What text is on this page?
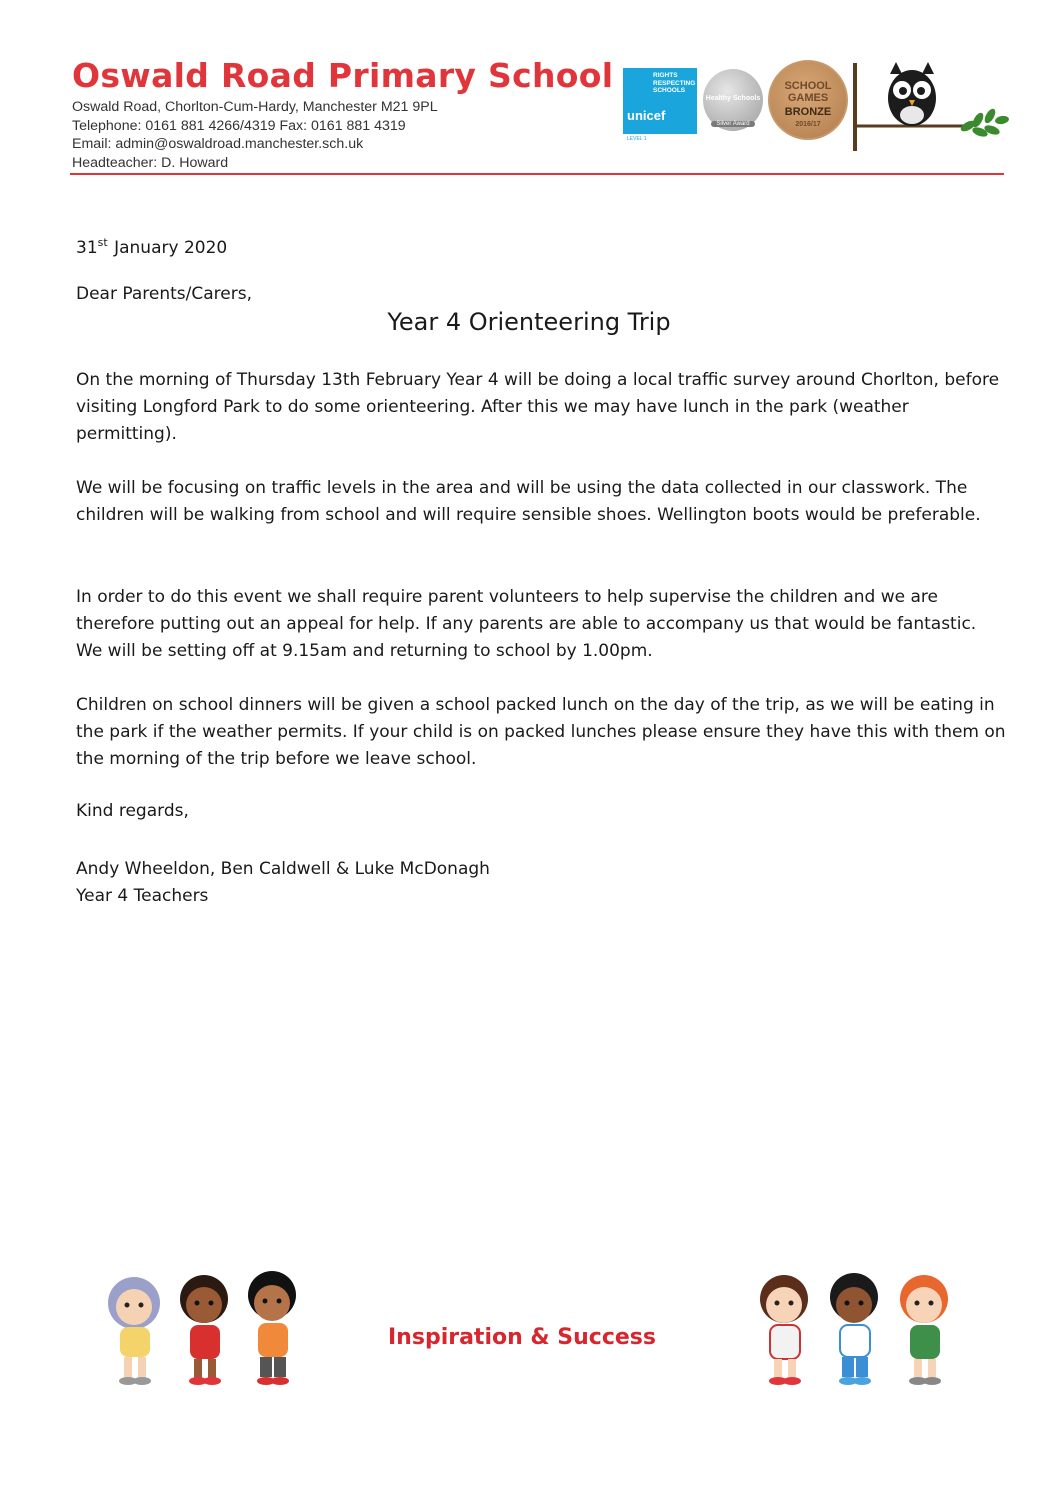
Oswald Road Primary School
Oswald Road, Chorlton-Cum-Hardy, Manchester M21 9PL
Telephone: 0161 881 4266/4319 Fax: 0161 881 4319
Email: admin@oswaldroad.manchester.sch.uk
Headteacher: D. Howard
RIGHTS RESPECTING SCHOOLS
unicef
LEVEL 1
Healthy Schools
Silver Award
SCHOOL GAMES
BRONZE
2016/17
31st January 2020
Dear Parents/Carers,
Year 4 Orienteering Trip

On the morning of Thursday 13th February Year 4 will be doing a local traffic survey around Chorlton, before visiting Longford Park to do some orienteering. After this we may have lunch in the park (weather permitting).

We will be focusing on traffic levels in the area and will be using the data collected in our classwork. The children will be walking from school and will require sensible shoes. Wellington boots would be preferable.

In order to do this event we shall require parent volunteers to help supervise the children and we are therefore putting out an appeal for help. If any parents are able to accompany us that would be fantastic. We will be setting off at 9.15am and returning to school by 1.00pm.

Children on school dinners will be given a school packed lunch on the day of the trip, as we will be eating in the park if the weather permits. If your child is on packed lunches please ensure they have this with them on the morning of the trip before we leave school.

Kind regards,
Andy Wheeldon, Ben Caldwell & Luke McDonagh
Year 4 Teachers
Inspiration & Success
